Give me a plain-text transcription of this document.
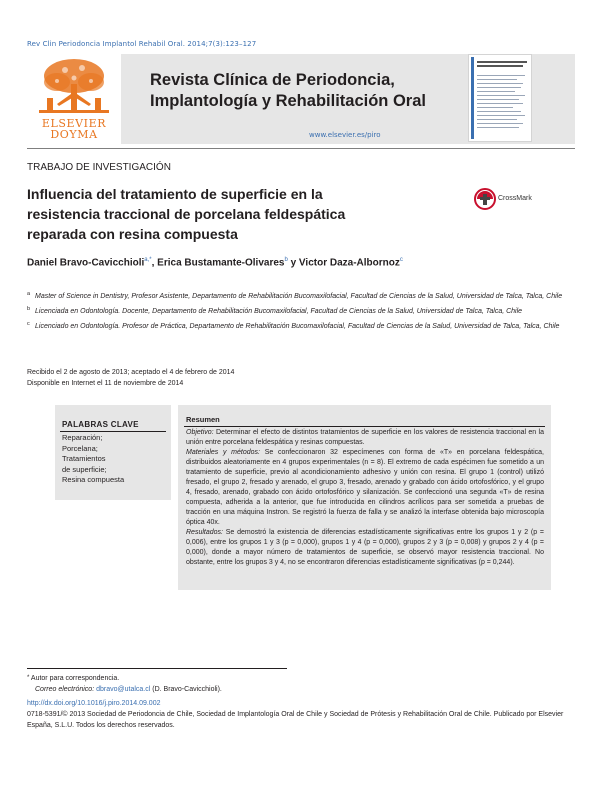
Rev Clin Periodoncia Implantol Rehabil Oral. 2014;7(3):123–127
ELSEVIER
DOYMA
Revista Clínica de Periodoncia,
Implantología y Rehabilitación Oral
www.elsevier.es/piro
TRABAJO DE INVESTIGACIÓN
Influencia del tratamiento de superficie en la
resistencia traccional de porcelana feldespática
reparada con resina compuesta
CrossMark
Daniel Bravo-Cavicchioli$^{a,*}$, Erica Bustamante-Olivares$^b$ y Victor Daza-Albornoz$^c$
a Master of Science in Dentistry, Profesor Asistente, Departamento de Rehabilitación Bucomaxilofacial, Facultad de Ciencias de la Salud, Universidad de Talca, Talca, Chile
b Licenciada en Odontología. Docente, Departamento de Rehabilitación Bucomaxilofacial, Facultad de Ciencias de la Salud, Universidad de Talca, Talca, Chile
c Licenciado en Odontología. Profesor de Práctica, Departamento de Rehabilitación Bucomaxilofacial, Facultad de Ciencias de la Salud, Universidad de Talca, Talca, Chile
Recibido el 2 de agosto de 2013; aceptado el 4 de febrero de 2014
Disponible en Internet el 11 de noviembre de 2014
PALABRAS CLAVE
Reparación;
Porcelana;
Tratamientos
de superficie;
Resina compuesta
Resumen

Objetivo: Determinar el efecto de distintos tratamientos de superficie en los valores de resistencia traccional en la unión entre porcelana feldespática y resinas compuestas.

Materiales y métodos: Se confeccionaron 32 especímenes con forma de «T» en porcelana feldespática, distribuidos aleatoriamente en 4 grupos experimentales (n = 8). El extremo de cada espécimen fue sometido a un tratamiento de superficie, previo al acondicionamiento adhesivo y unión con resina. El grupo 1 (control) utilizó fresado, el grupo 2, fresado y arenado, el grupo 3, fresado, arenado y grabado con ácido ortofosfórico, y el grupo 4, fresado, arenado, grabado con ácido ortofosfórico y silanización. Se confeccionó una segunda «T» de resina compuesta, adherida a la anterior, que fue introducida en cilindros acrílicos para ser sometida a pruebas de tracción en una máquina Instron. Se registró la fuerza de falla y se analizó la interfase obtenida bajo microscopía óptica 40x.

Resultados: Se demostró la existencia de diferencias estadísticamente significativas entre los grupos 1 y 2 (p = 0,006), entre los grupos 1 y 3 (p = 0,000), grupos 1 y 4 (p = 0,000), grupos 2 y 3 (p = 0,008) y grupos 2 y 4 (p = 0,000), donde a mayor número de tratamientos de superficie, se observó mayor resistencia traccional. No obstante, entre los grupos 3 y 4, no se encontraron diferencias estadísticamente significativas (p = 0,244).

* Autor para correspondencia.
Correo electrónico: dbravo@utalca.cl (D. Bravo-Cavicchioli).
http://dx.doi.org/10.1016/j.piro.2014.09.002
0718-5391/© 2013 Sociedad de Periodoncia de Chile, Sociedad de Implantología Oral de Chile y Sociedad de Prótesis y Rehabilitación Oral de Chile. Publicado por Elsevier España, S.L.U. Todos los derechos reservados.
